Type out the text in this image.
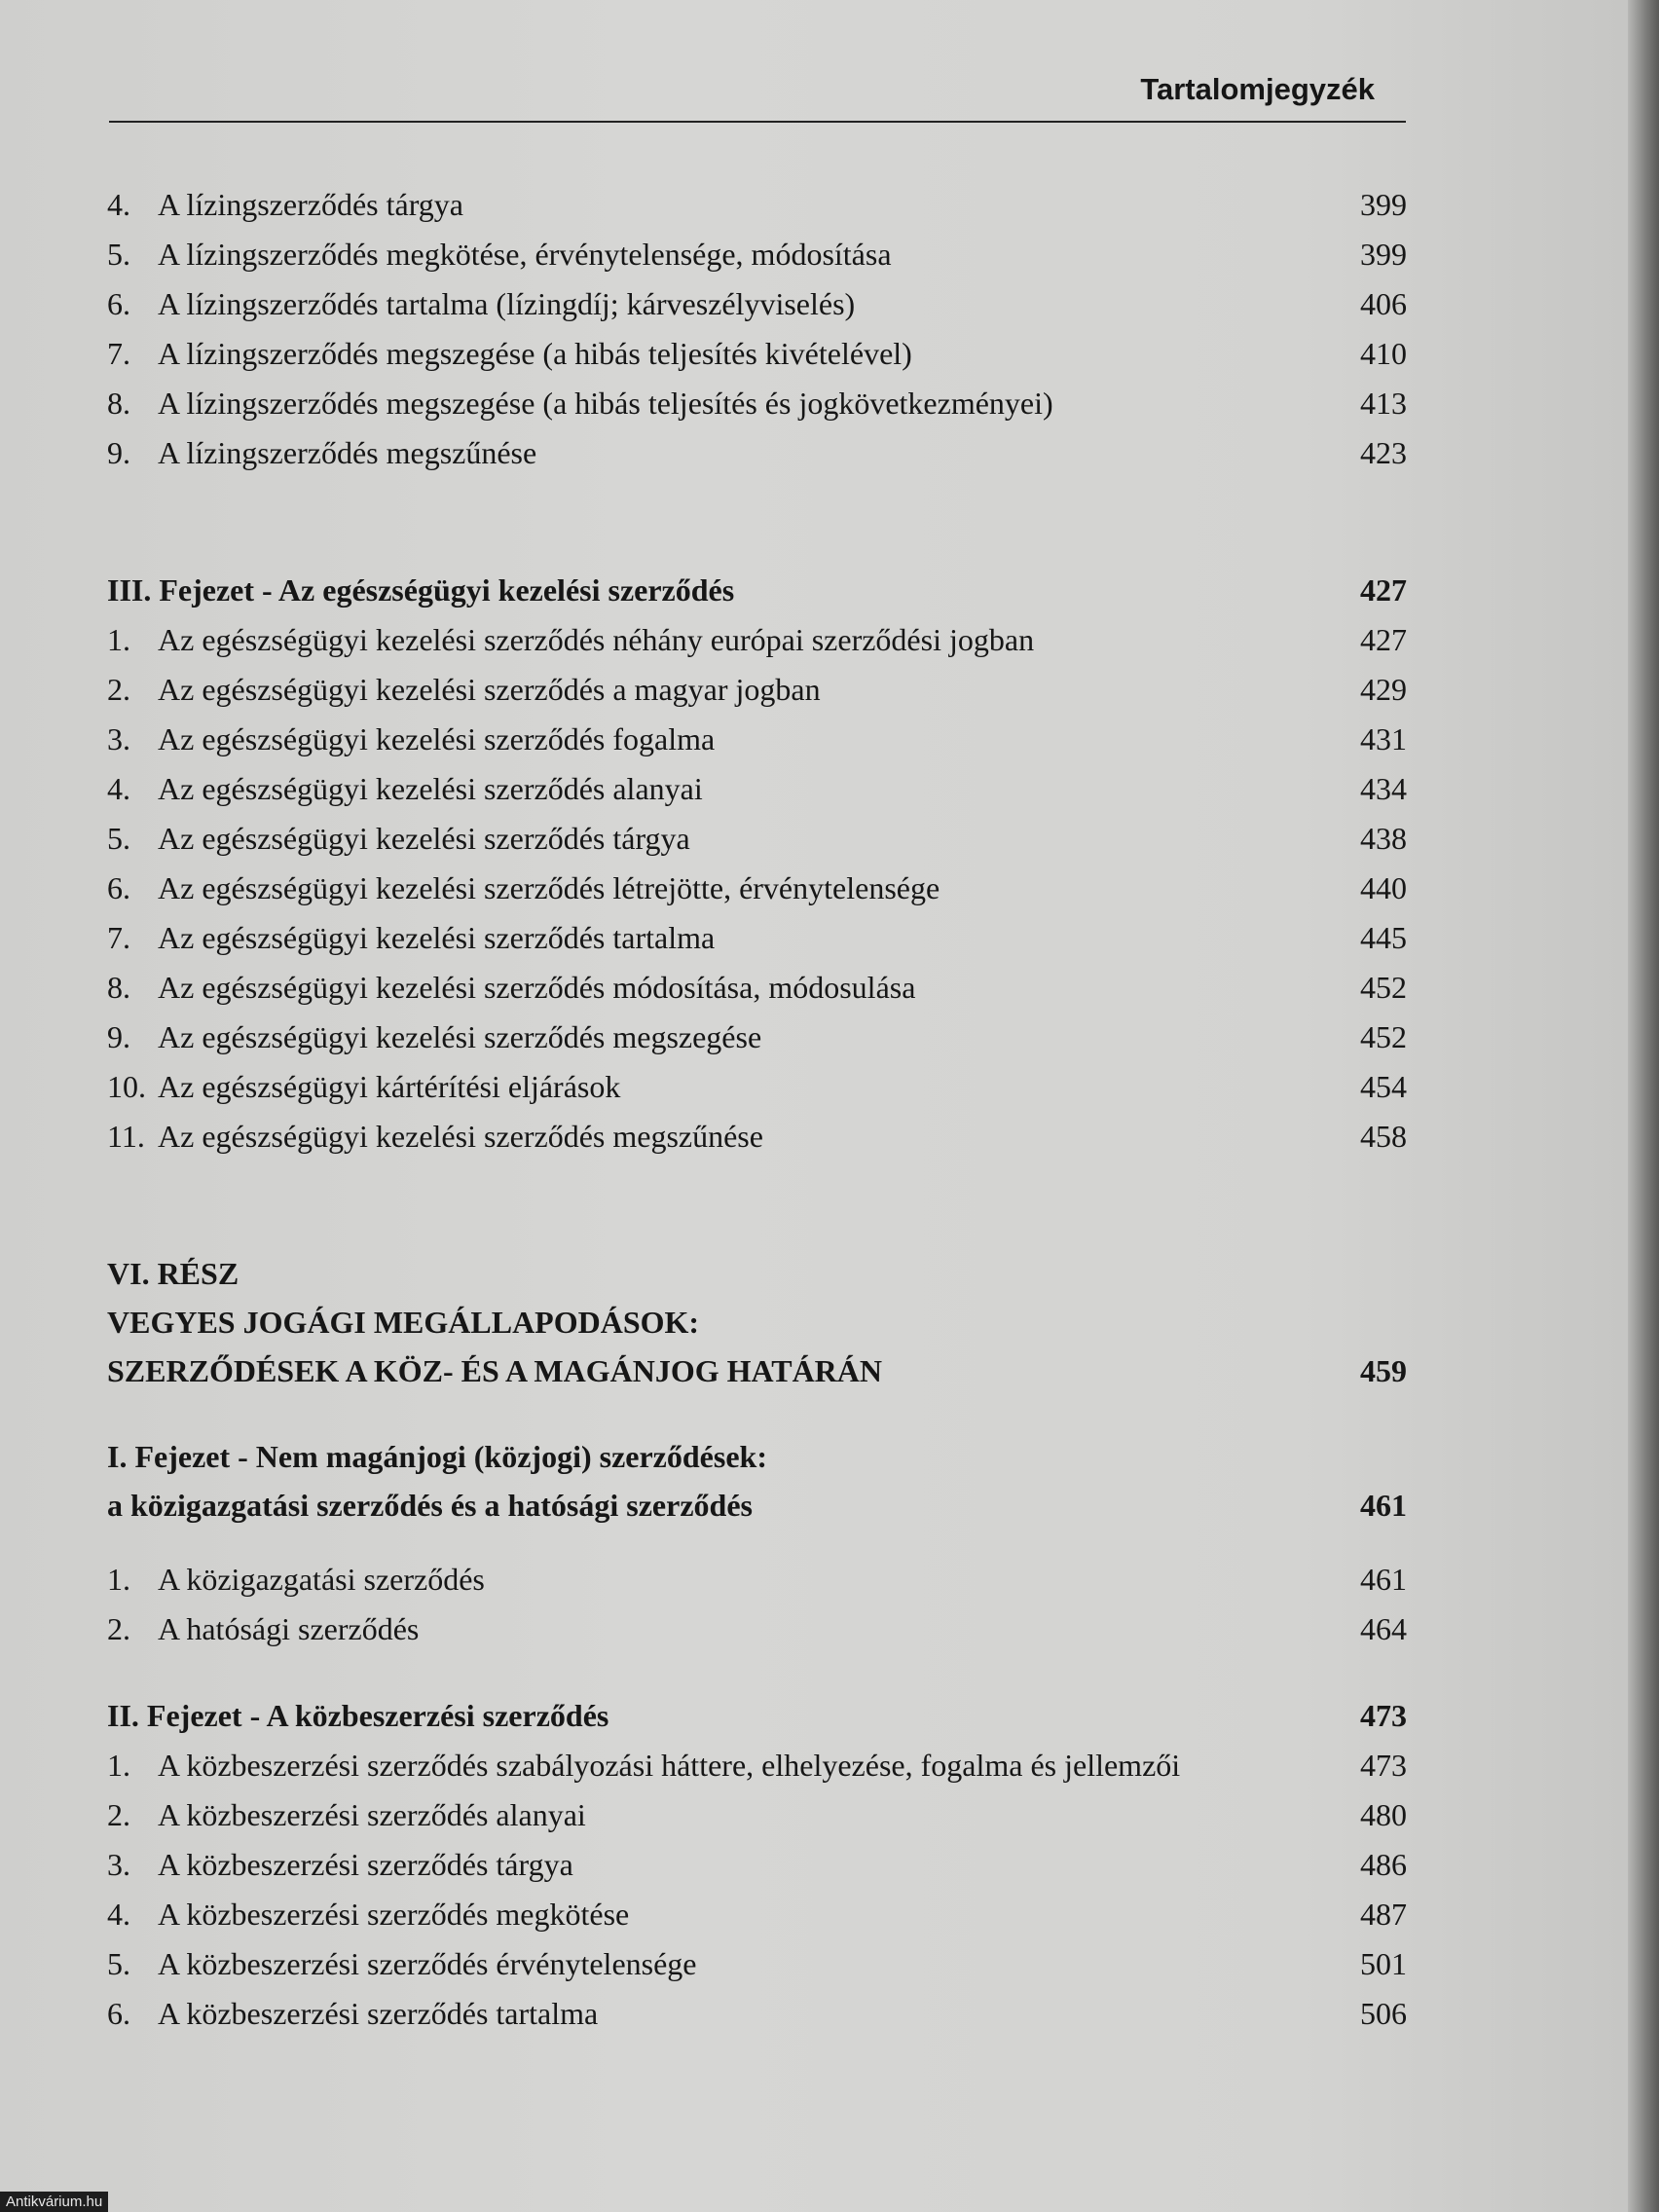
Tartalomjegyzék
4. A lízingszerződés tárgya	399
5. A lízingszerződés megkötése, érvénytelensége, módosítása	399
6. A lízingszerződés tartalma (lízingdíj; kárveszélyviselés)	406
7. A lízingszerződés megszegése (a hibás teljesítés kivételével)	410
8. A lízingszerződés megszegése (a hibás teljesítés és jogkövetkezményei)	413
9. A lízingszerződés megszűnése	423
III. Fejezet - Az egészségügyi kezelési szerződés	427
1. Az egészségügyi kezelési szerződés néhány európai szerződési jogban	427
2. Az egészségügyi kezelési szerződés a magyar jogban	429
3. Az egészségügyi kezelési szerződés fogalma	431
4. Az egészségügyi kezelési szerződés alanyai	434
5. Az egészségügyi kezelési szerződés tárgya	438
6. Az egészségügyi kezelési szerződés létrejötte, érvénytelensége	440
7. Az egészségügyi kezelési szerződés tartalma	445
8. Az egészségügyi kezelési szerződés módosítása, módosulása	452
9. Az egészségügyi kezelési szerződés megszegése	452
10. Az egészségügyi kártérítési eljárások	454
11. Az egészségügyi kezelési szerződés megszűnése	458
VI. RÉSZ
VEGYES JOGÁGI MEGÁLLAPODÁSOK:
SZERZŐDÉSEK A KÖZ- ÉS A MAGÁNJOG HATÁRÁN	459
I. Fejezet - Nem magánjogi (közjogi) szerződések:
a közigazgatási szerződés és a hatósági szerződés	461
1. A közigazgatási szerződés	461
2. A hatósági szerződés	464
II. Fejezet - A közbeszerzési szerződés	473
1. A közbeszerzési szerződés szabályozási háttere, elhelyezése, fogalma és jellemzői	473
2. A közbeszerzési szerződés alanyai	480
3. A közbeszerzési szerződés tárgya	486
4. A közbeszerzési szerződés megkötése	487
5. A közbeszerzési szerződés érvénytelensége	501
6. A közbeszerzési szerződés tartalma	506
Antikvárium.hu
